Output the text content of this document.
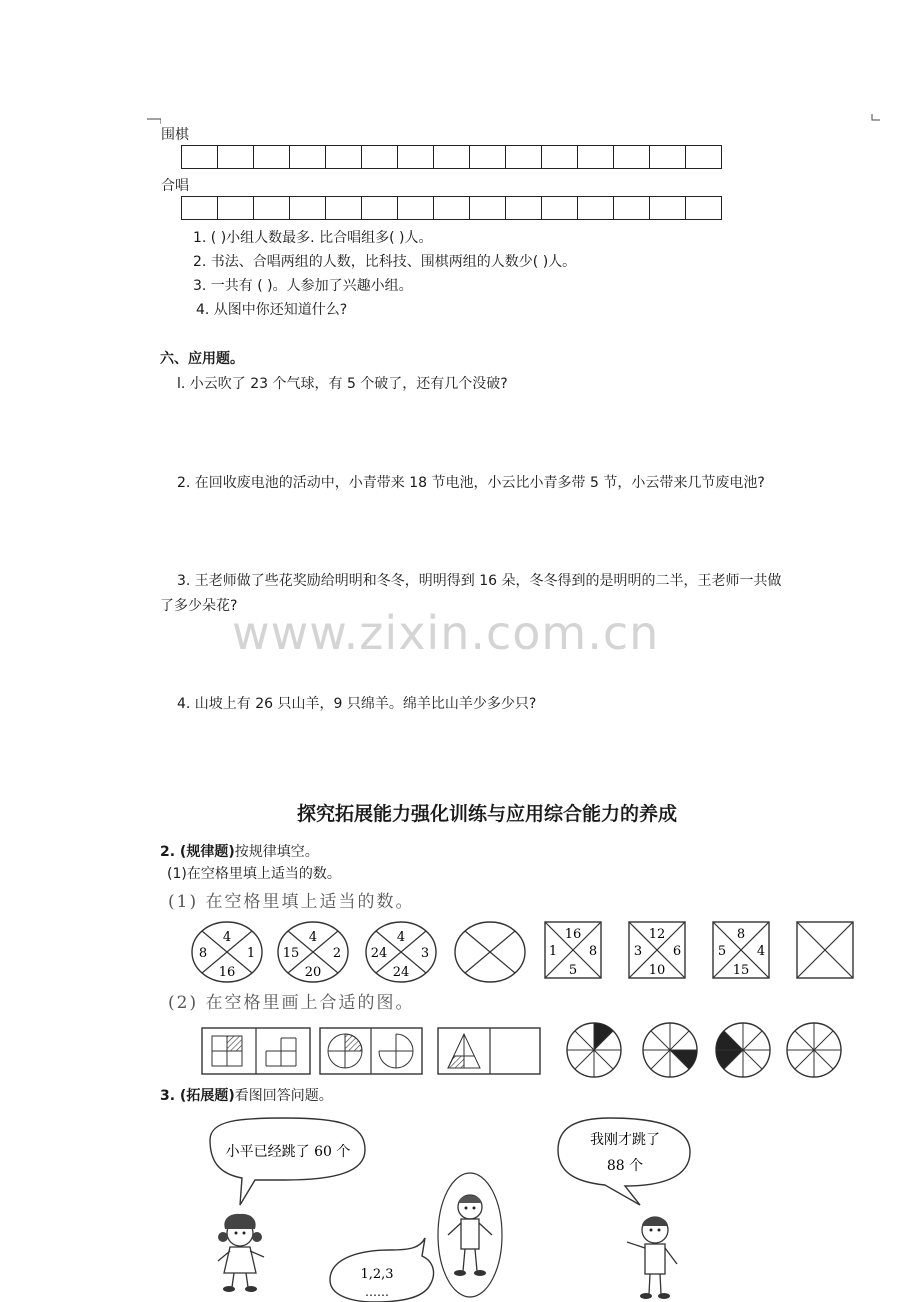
围棋
合唱
1. ( )小组人数最多. 比合唱组多( )人。
2. 书法、合唱两组的人数，比科技、围棋两组的人数少( )人。
3. 一共有 ( )。人参加了兴趣小组。
4. 从图中你还知道什么?
六、应用题。
l. 小云吹了 23 个气球，有 5 个破了，还有几个没破?
2. 在回收废电池的活动中，小青带来 18 节电池，小云比小青多带 5 节，小云带来几节废电池?
3. 王老师做了些花奖励给明明和冬冬，明明得到 16 朵，冬冬得到的是明明的二半，王老师一共做
了多少朵花?
www.zixin.com.cn
4. 山坡上有 26 只山羊，9 只绵羊。绵羊比山羊少多少只?
探究拓展能力强化训练与应用综合能力的养成
2. (规律题)按规律填空。
(1)在空格里填上适当的数。
(1) 在空格里填上适当的数。
4
8	1
16
4
15	2
20
4
24	3
24
16
1 8
5
12
3 6
10
8
5 4
15
(2) 在空格里画上合适的图。
3. (拓展题)看图回答问题。
小平已经跳了 60 个
我刚才跳了
88 个
1,2,3
……
